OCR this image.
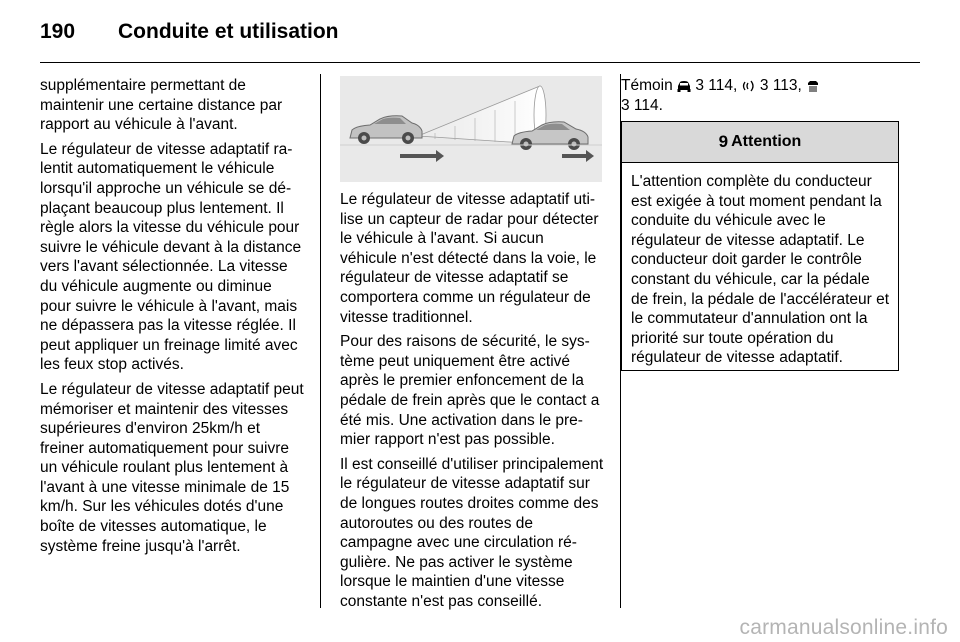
190 Conduite et utilisation

supplémentaire permettant de maintenir une certaine distance par rapport au véhicule à l'avant.

Le régulateur de vitesse adaptatif ralentit automatiquement le véhicule lorsqu'il approche un véhicule se déplaçant beaucoup plus lentement. Il règle alors la vitesse du véhicule pour suivre le véhicule devant à la distance vers l'avant sélectionnée. La vitesse du véhicule augmente ou diminue pour suivre le véhicule à l'avant, mais ne dépassera pas la vitesse réglée. Il peut appliquer un freinage limité avec les feux stop activés.

Le régulateur de vitesse adaptatif peut mémoriser et maintenir des vitesses supérieures d'environ 25km/h et freiner automatiquement pour suivre un véhicule roulant plus lentement à l'avant à une vitesse minimale de 15 km/h. Sur les véhicules dotés d'une boîte de vitesses automatique, le système freine jusqu'à l'arrêt.

Le régulateur de vitesse adaptatif utilise un capteur de radar pour détecter le véhicule à l'avant. Si aucun véhicule n'est détecté dans la voie, le régulateur de vitesse adaptatif se comportera comme un régulateur de vitesse traditionnel.

Pour des raisons de sécurité, le système peut uniquement être activé après le premier enfoncement de la pédale de frein après que le contact a été mis. Une activation dans le premier rapport n'est pas possible.

Il est conseillé d'utiliser principalement le régulateur de vitesse adaptatif sur de longues routes droites comme des autoroutes ou des routes de campagne avec une circulation régulière. Ne pas activer le système lorsque le maintien d'une vitesse constante n'est pas conseillé.

Témoin 3 114,  3 113,
3 114.

9 Attention
L'attention complète du conducteur est exigée à tout moment pendant la conduite du véhicule avec le régulateur de vitesse adaptatif. Le conducteur doit garder le contrôle constant du véhicule, car la pédale de frein, la pédale de l'accélérateur et le commutateur d'annulation ont la priorité sur toute opération du régulateur de vitesse adaptatif.
carmanualsonline.info
